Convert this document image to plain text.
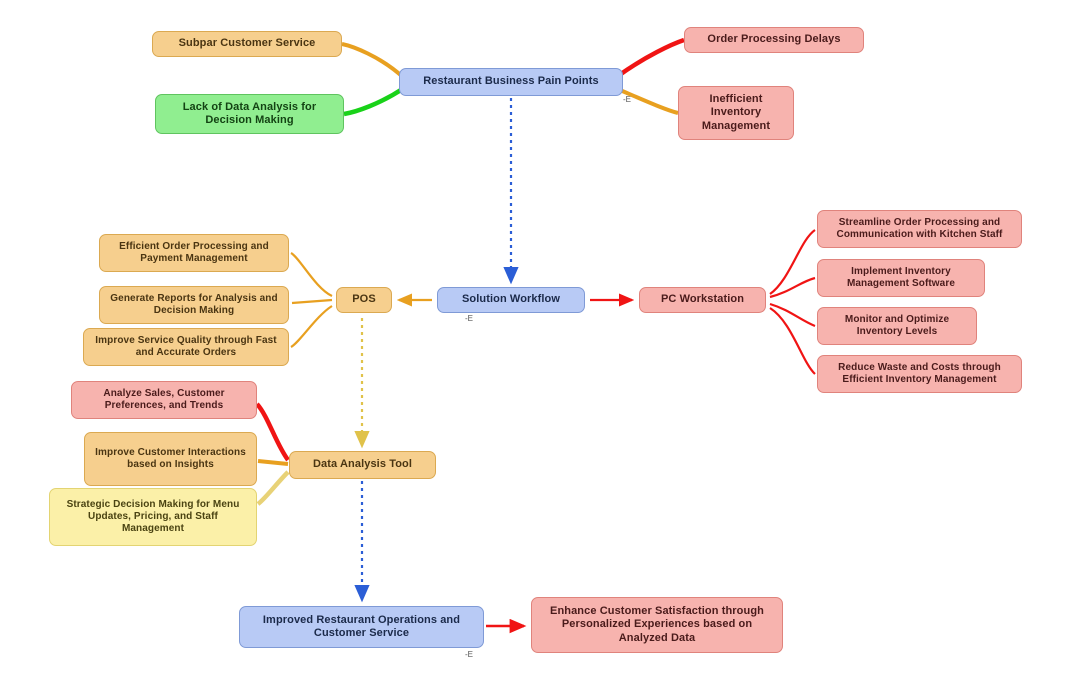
Restaurant Business Pain Points
Subpar Customer Service
Lack of Data Analysis for Decision Making
Order Processing Delays
Inefficient Inventory Management
Solution Workflow
POS	PC Workstation
Efficient Order Processing and Payment Management
Generate Reports for Analysis and Decision Making
Improve Service Quality through Fast and Accurate Orders
Streamline Order Processing and Communication with Kitchen Staff
Implement Inventory Management Software
Monitor and Optimize Inventory Levels
Reduce Waste and Costs through Efficient Inventory Management
Data Analysis Tool
Analyze Sales, Customer Preferences, and Trends
Improve Customer Interactions based on Insights
Strategic Decision Making for Menu Updates, Pricing, and Staff Management
Improved Restaurant Operations and Customer Service
Enhance Customer Satisfaction through Personalized Experiences based on Analyzed Data
-E
-E
-E
